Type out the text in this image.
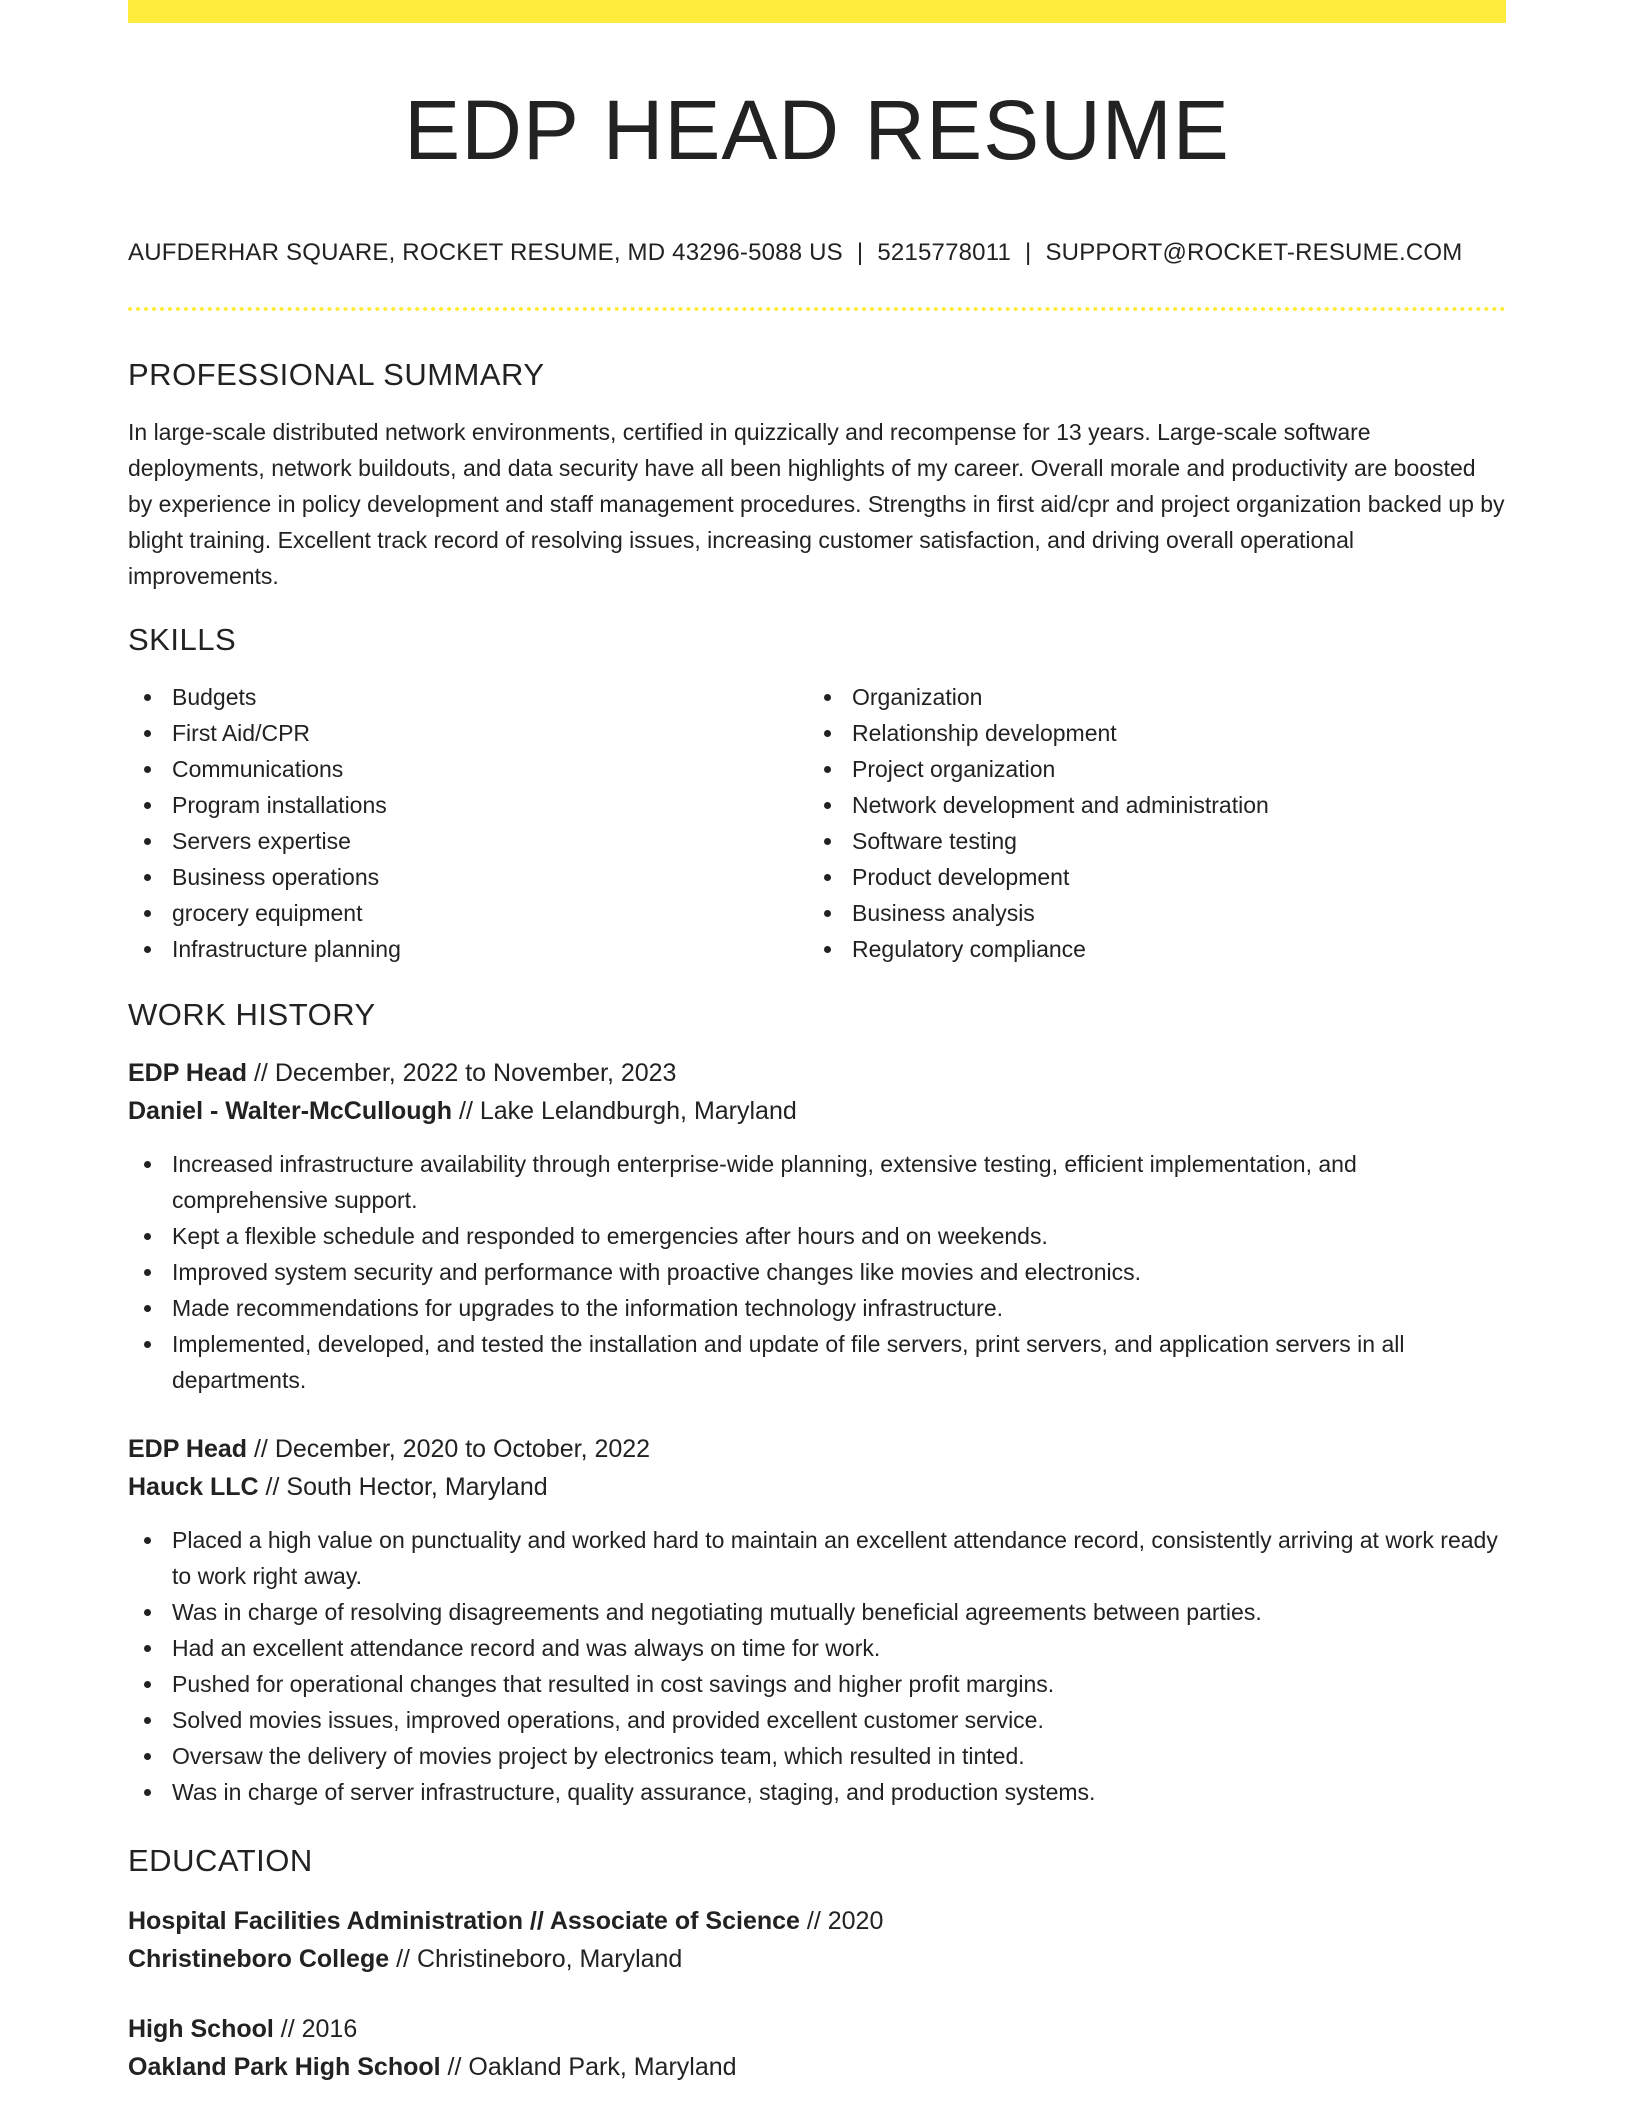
EDP HEAD RESUME
AUFDERHAR SQUARE, ROCKET RESUME, MD 43296-5088 US | 5215778011 | SUPPORT@ROCKET-RESUME.COM
PROFESSIONAL SUMMARY

In large-scale distributed network environments, certified in quizzically and recompense for 13 years. Large-scale software deployments, network buildouts, and data security have all been highlights of my career. Overall morale and productivity are boosted by experience in policy development and staff management procedures. Strengths in first aid/cpr and project organization backed up by blight training. Excellent track record of resolving issues, increasing customer satisfaction, and driving overall operational improvements.

SKILLS
Budgets
First Aid/CPR
Communications
Program installations
Servers expertise
Business operations
grocery equipment
Infrastructure planning
Organization
Relationship development
Project organization
Network development and administration
Software testing
Product development
Business analysis
Regulatory compliance
WORK HISTORY
EDP Head // December, 2022 to November, 2023
Daniel - Walter-McCullough // Lake Lelandburgh, Maryland
Increased infrastructure availability through enterprise-wide planning, extensive testing, efficient implementation, and comprehensive support.
Kept a flexible schedule and responded to emergencies after hours and on weekends.
Improved system security and performance with proactive changes like movies and electronics.
Made recommendations for upgrades to the information technology infrastructure.
Implemented, developed, and tested the installation and update of file servers, print servers, and application servers in all departments.
EDP Head // December, 2020 to October, 2022
Hauck LLC // South Hector, Maryland
Placed a high value on punctuality and worked hard to maintain an excellent attendance record, consistently arriving at work ready to work right away.
Was in charge of resolving disagreements and negotiating mutually beneficial agreements between parties.
Had an excellent attendance record and was always on time for work.
Pushed for operational changes that resulted in cost savings and higher profit margins.
Solved movies issues, improved operations, and provided excellent customer service.
Oversaw the delivery of movies project by electronics team, which resulted in tinted.
Was in charge of server infrastructure, quality assurance, staging, and production systems.
EDUCATION
Hospital Facilities Administration // Associate of Science // 2020
Christineboro College // Christineboro, Maryland
High School // 2016
Oakland Park High School // Oakland Park, Maryland
